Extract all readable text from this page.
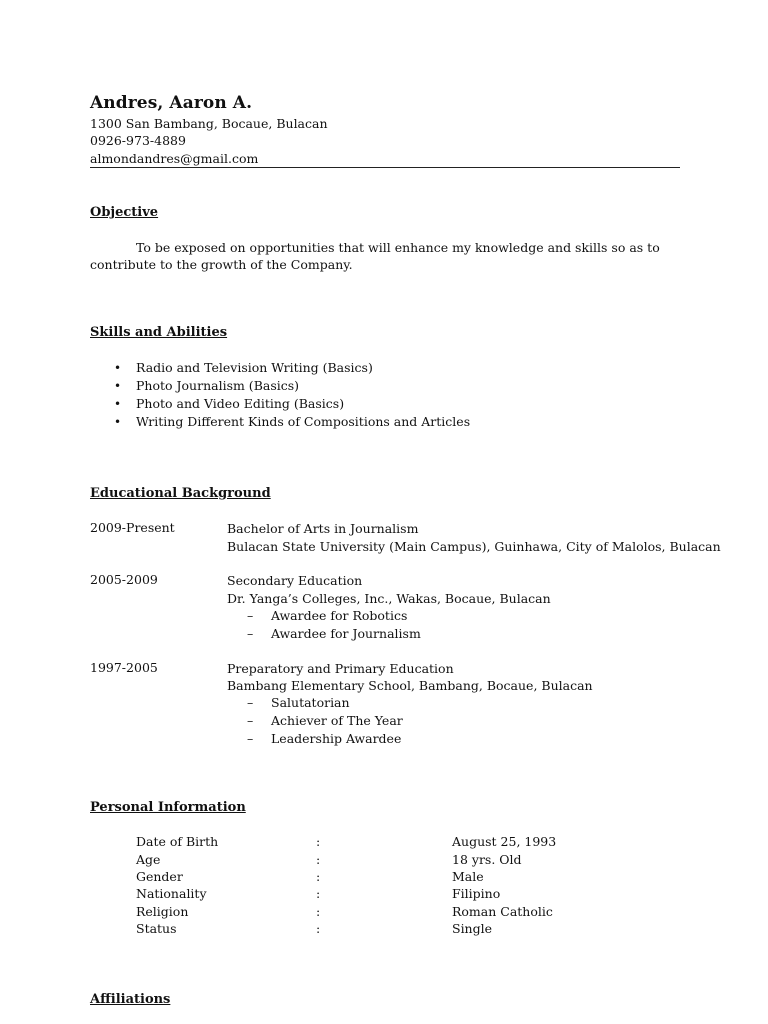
Andres, Aaron A.
1300 San Bambang, Bocaue, Bulacan
0926-973-4889
almondandres@gmail.com
Objective
To be exposed on opportunities that will enhance my knowledge and skills so as to
contribute to the growth of the Company.
Skills and Abilities
•	Radio and Television Writing (Basics)
•	Photo Journalism (Basics)
•	Photo and Video Editing (Basics)
•	Writing Different Kinds of Compositions and Articles
Educational Background
2009-Present	Bachelor of Arts in Journalism
Bulacan State University (Main Campus), Guinhawa, City of Malolos, Bulacan
2005-2009	Secondary Education
Dr. Yanga’s Colleges, Inc., Wakas, Bocaue, Bulacan
– Awardee for Robotics
– Awardee for Journalism
1997-2005	Preparatory and Primary Education
Bambang Elementary School, Bambang, Bocaue, Bulacan
– Salutatorian
– Achiever of The Year
– Leadership Awardee
Personal Information
Date of Birth	:	August 25, 1993
Age	:	18 yrs. Old
Gender	:	Male
Nationality	:	Filipino
Religion	:	Roman Catholic
Status	:	Single
Affiliations
